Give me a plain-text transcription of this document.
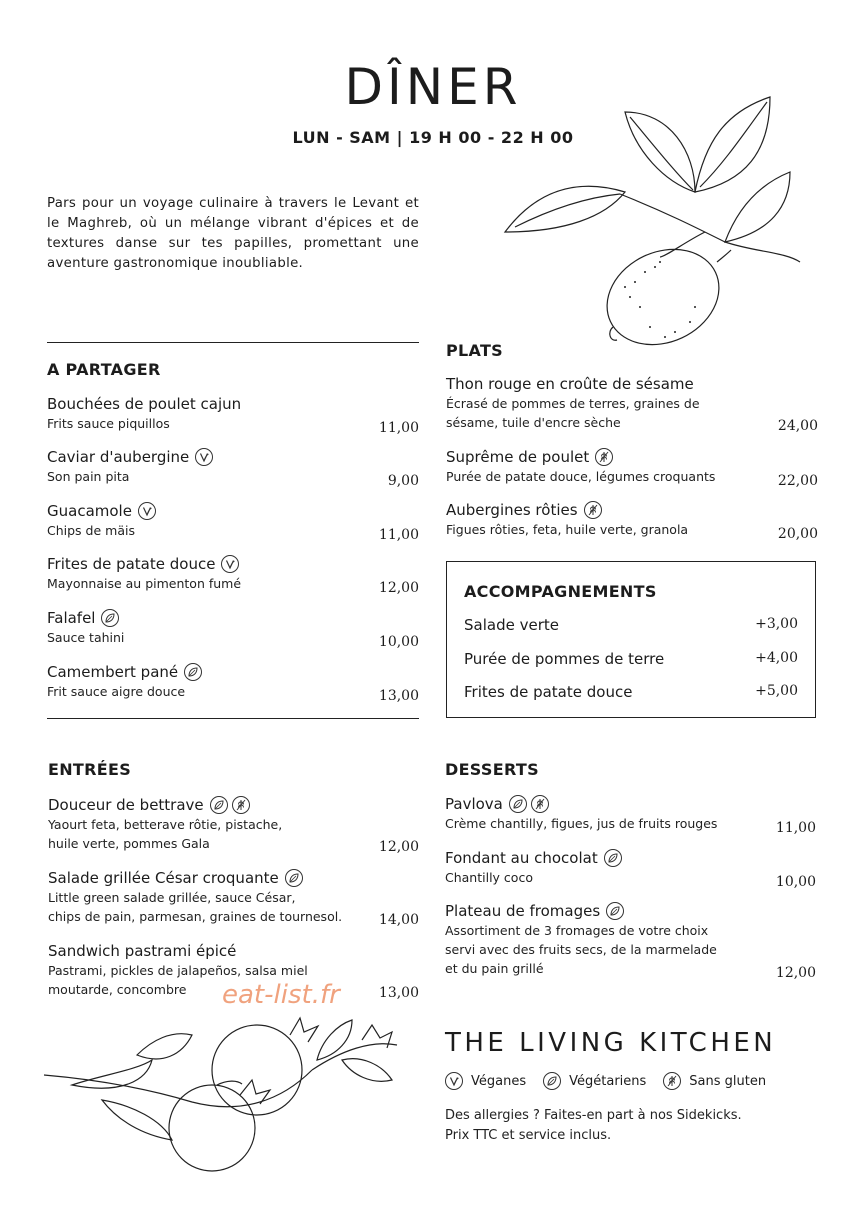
DÎNER
LUN - SAM | 19 H 00 - 22 H 00
Pars pour un voyage culinaire à travers le Levant et le Maghreb, où un mélange vibrant d'épices et de textures danse sur tes papilles, promettant une aventure gastronomique inoubliable.
A PARTAGER
Bouchées de poulet cajun
Frits sauce piquillos	11,00
Caviar d'aubergine
Son pain pita	9,00
Guacamole
Chips de mäis	11,00
Frites de patate douce
Mayonnaise au pimenton fumé	12,00
Falafel
Sauce tahini	10,00
Camembert pané
Frit sauce aigre douce	13,00
PLATS
Thon rouge en croûte de sésame
Écrasé de pommes de terres, graines de
sésame, tuile d'encre sèche	24,00
Suprême de poulet
Purée de patate douce, légumes croquants	22,00
Aubergines rôties
Figues rôties, feta, huile verte, granola	20,00
ACCOMPAGNEMENTS
Salade verte	+3,00
Purée de pommes de terre	+4,00
Frites de patate douce	+5,00
ENTRÉES
Douceur de bettrave
Yaourt feta, betterave rôtie, pistache,
huile verte, pommes Gala	12,00
Salade grillée César croquante
Little green salade grillée, sauce César,
chips de pain, parmesan, graines de tournesol.	14,00
Sandwich pastrami épicé
Pastrami, pickles de jalapeños, salsa miel
moutarde, concombre	13,00
eat-list.fr
DESSERTS
Pavlova
Crème chantilly, figues, jus de fruits rouges	11,00
Fondant au chocolat
Chantilly coco	10,00
Plateau de fromages
Assortiment de 3 fromages de votre choix
servi avec des fruits secs, de la marmelade
et du pain grillé	12,00
THE LIVING KITCHEN
Véganes	Végétariens	Sans gluten
Des allergies ? Faites-en part à nos Sidekicks.
Prix TTC et service inclus.
